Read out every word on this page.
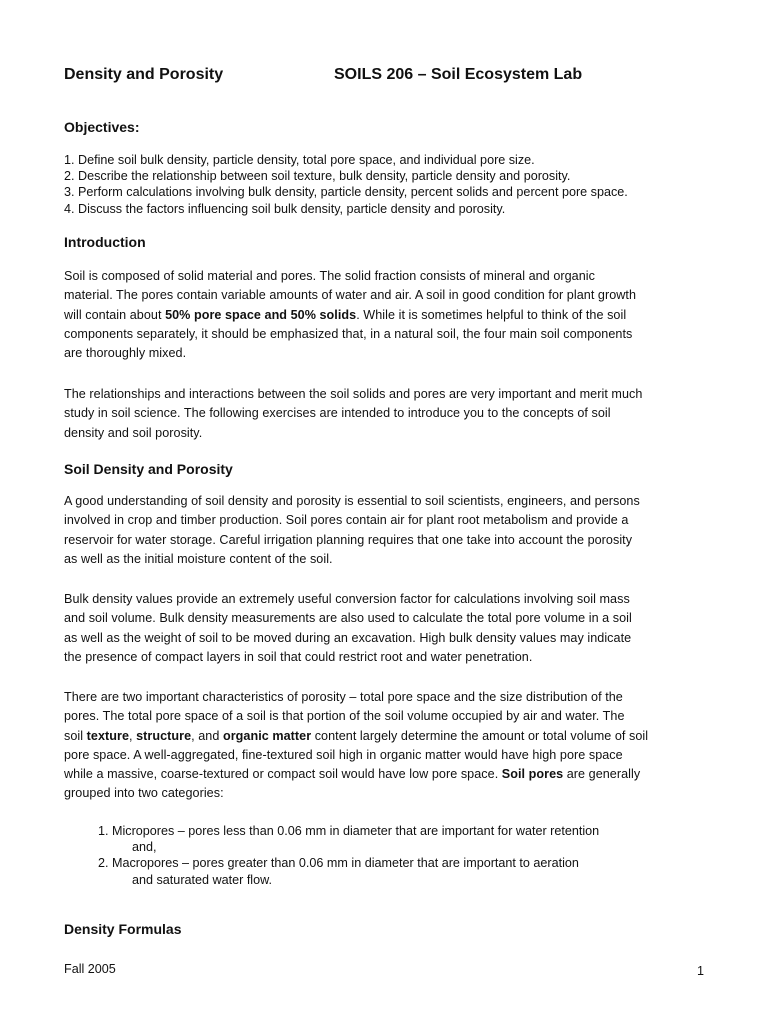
Density and Porosity	SOILS 206 – Soil Ecosystem Lab
Objectives:
1. Define soil bulk density, particle density, total pore space, and individual pore size.
2. Describe the relationship between soil texture, bulk density, particle density and porosity.
3. Perform calculations involving bulk density, particle density, percent solids and percent pore space.
4. Discuss the factors influencing soil bulk density, particle density and porosity.
Introduction
Soil is composed of solid material and pores. The solid fraction consists of mineral and organic
material. The pores contain variable amounts of water and air. A soil in good condition for plant growth
will contain about 50% pore space and 50% solids. While it is sometimes helpful to think of the soil
components separately, it should be emphasized that, in a natural soil, the four main soil components
are thoroughly mixed.
The relationships and interactions between the soil solids and pores are very important and merit much
study in soil science. The following exercises are intended to introduce you to the concepts of soil
density and soil porosity.
Soil Density and Porosity
A good understanding of soil density and porosity is essential to soil scientists, engineers, and persons
involved in crop and timber production. Soil pores contain air for plant root metabolism and provide a
reservoir for water storage. Careful irrigation planning requires that one take into account the porosity
as well as the initial moisture content of the soil.
Bulk density values provide an extremely useful conversion factor for calculations involving soil mass
and soil volume. Bulk density measurements are also used to calculate the total pore volume in a soil
as well as the weight of soil to be moved during an excavation. High bulk density values may indicate
the presence of compact layers in soil that could restrict root and water penetration.
There are two important characteristics of porosity – total pore space and the size distribution of the
pores. The total pore space of a soil is that portion of the soil volume occupied by air and water. The
soil texture, structure, and organic matter content largely determine the amount or total volume of soil
pore space. A well-aggregated, fine-textured soil high in organic matter would have high pore space
while a massive, coarse-textured or compact soil would have low pore space. Soil pores are generally
grouped into two categories:
1. Micropores – pores less than 0.06 mm in diameter that are important for water retention
and,
2. Macropores – pores greater than 0.06 mm in diameter that are important to aeration
and saturated water flow.
Density Formulas
Fall 2005	1
